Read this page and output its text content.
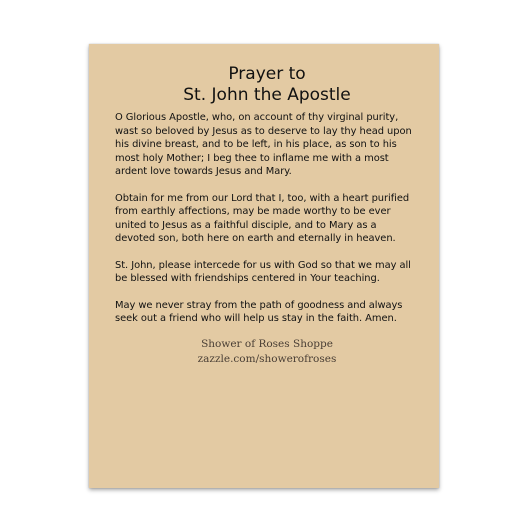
Prayer to
St. John the Apostle

O Glorious Apostle, who, on account of thy virginal purity, wast so beloved by Jesus as to deserve to lay thy head upon his divine breast, and to be left, in his place, as son to his most holy Mother; I beg thee to inflame me with a most ardent love towards Jesus and Mary.

Obtain for me from our Lord that I, too, with a heart purified from earthly affections, may be made worthy to be ever united to Jesus as a faithful disciple, and to Mary as a devoted son, both here on earth and eternally in heaven.

St. John, please intercede for us with God so that we may all be blessed with friendships centered in Your teaching.

May we never stray from the path of goodness and always seek out a friend who will help us stay in the faith. Amen.

Shower of Roses Shoppe
zazzle.com/showerofroses
